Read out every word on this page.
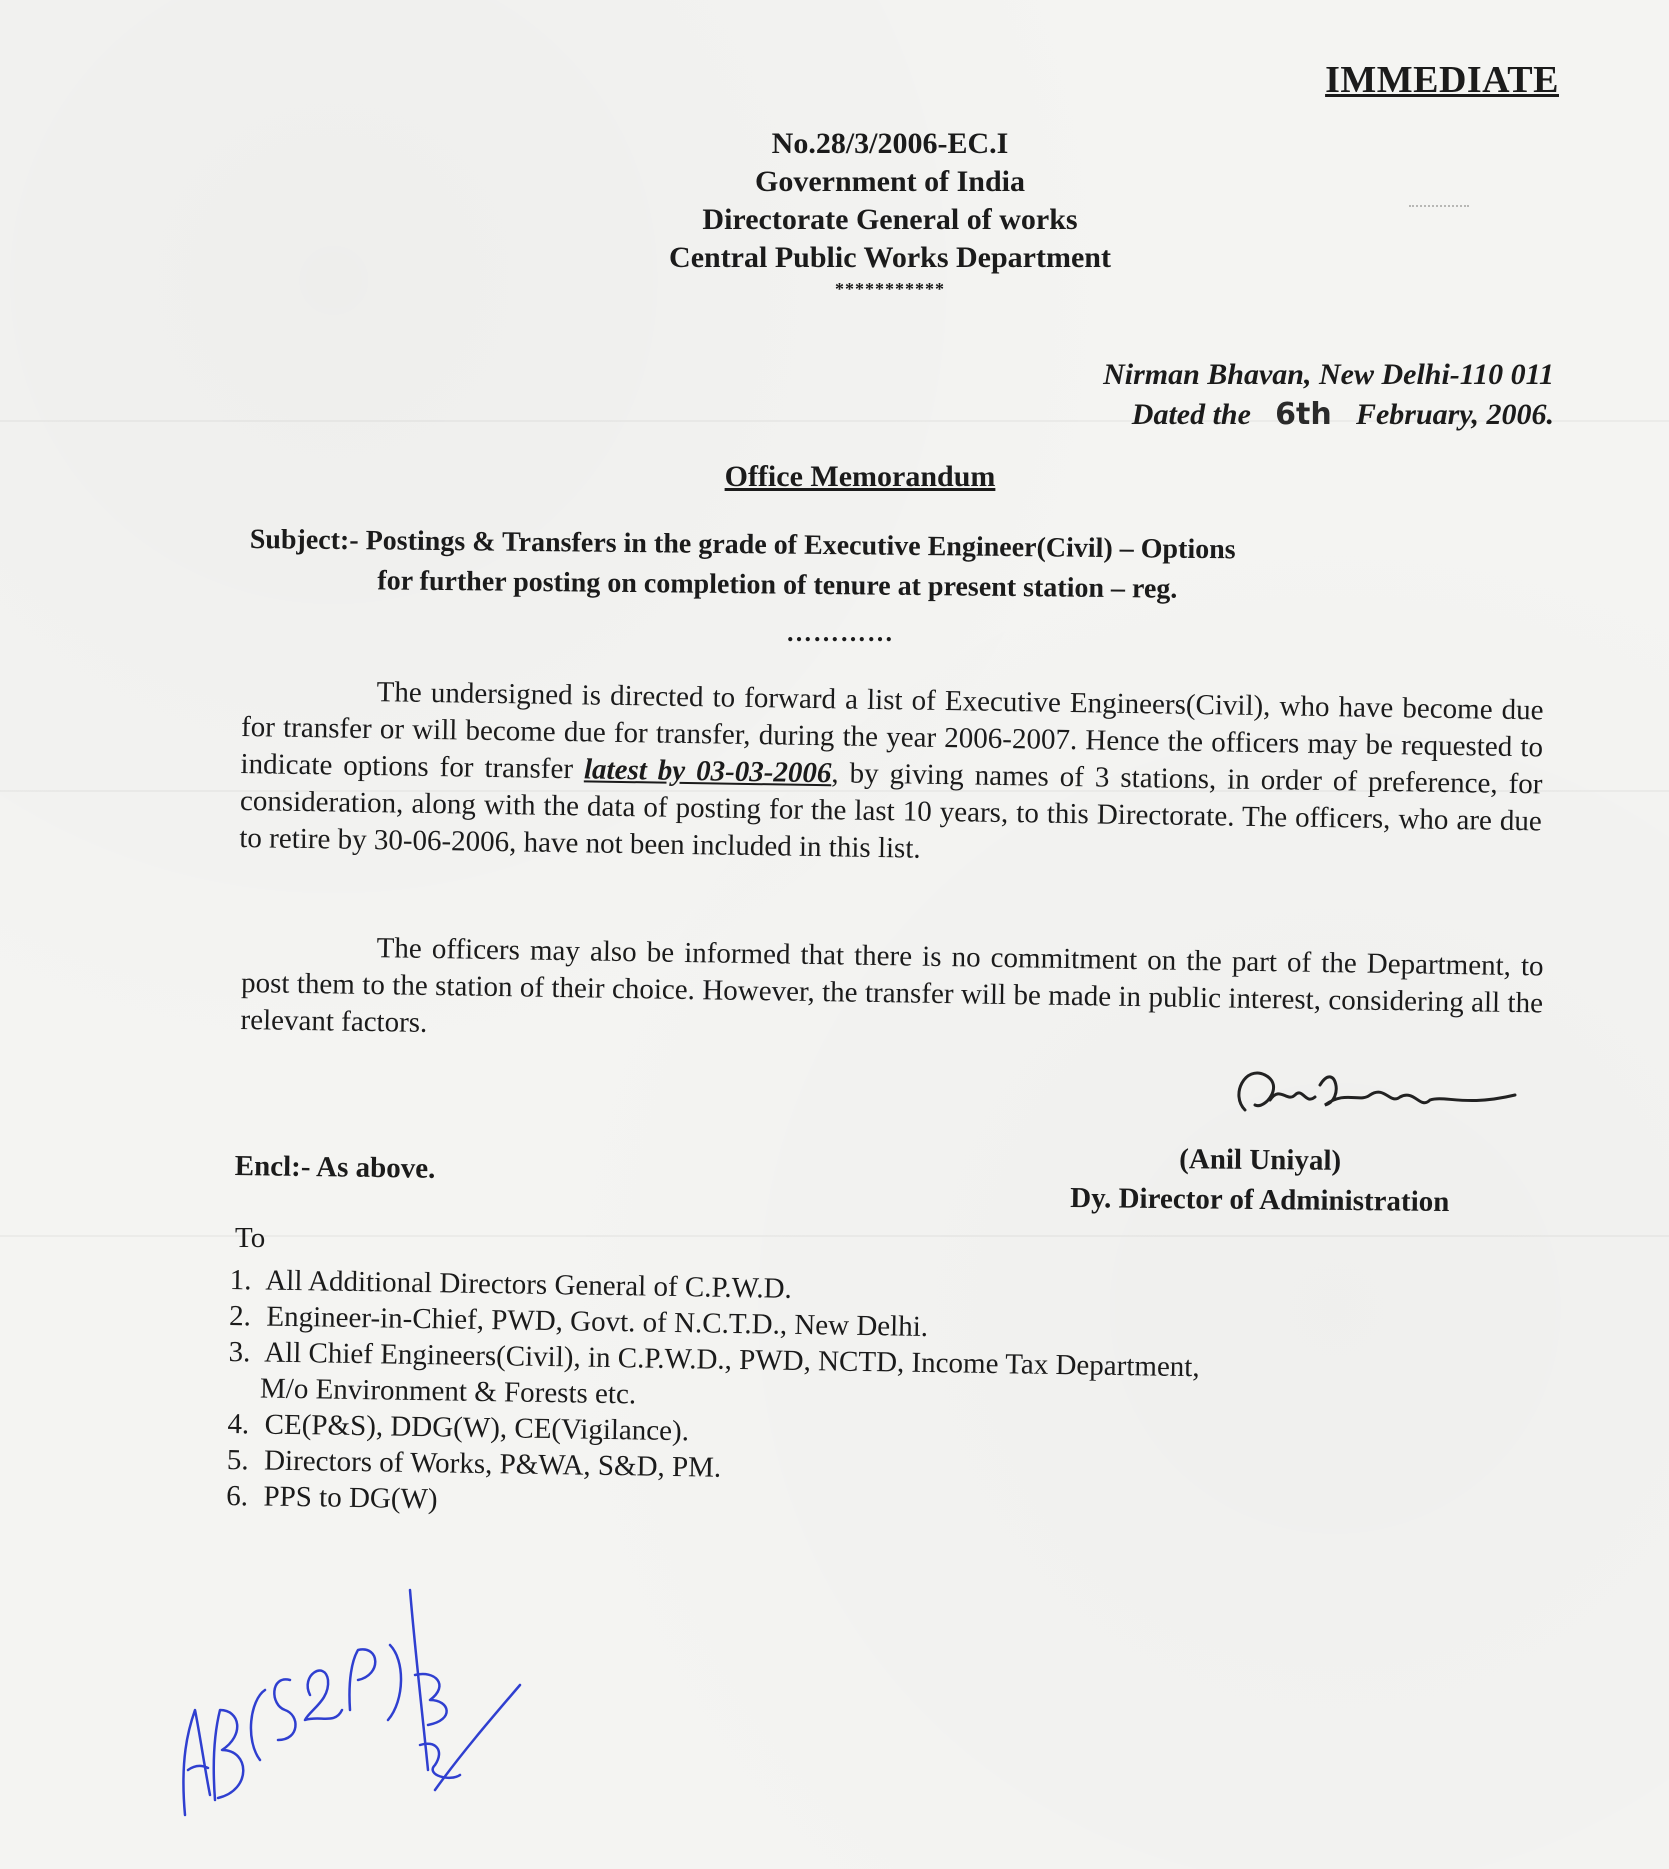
IMMEDIATE
No.28/3/2006-EC.I
Government of India
Directorate General of works
Central Public Works Department
***********
Nirman Bhavan, New Delhi-110 011
Dated the 6th February, 2006.
Office Memorandum
Subject:- Postings & Transfers in the grade of Executive Engineer(Civil) – Options
for further posting on completion of tenure at present station – reg.
…………
The undersigned is directed to forward a list of Executive Engineers(Civil), who have become due for transfer or will become due for transfer, during the year 2006-2007. Hence the officers may be requested to indicate options for transfer latest by 03-03-2006, by giving names of 3 stations, in order of preference, for consideration, along with the data of posting for the last 10 years, to this Directorate. The officers, who are due to retire by 30-06-2006, have not been included in this list.
The officers may also be informed that there is no commitment on the part of the Department, to post them to the station of their choice. However, the transfer will be made in public interest, considering all the relevant factors.
(Anil Uniyal)
Dy. Director of Administration
Encl:- As above.
To
1. All Additional Directors General of C.P.W.D.
2. Engineer-in-Chief, PWD, Govt. of N.C.T.D., New Delhi.
3. All Chief Engineers(Civil), in C.P.W.D., PWD, NCTD, Income Tax Department,
M/o Environment & Forests etc.
4. CE(P&S), DDG(W), CE(Vigilance).
5. Directors of Works, P&WA, S&D, PM.
6. PPS to DG(W)
